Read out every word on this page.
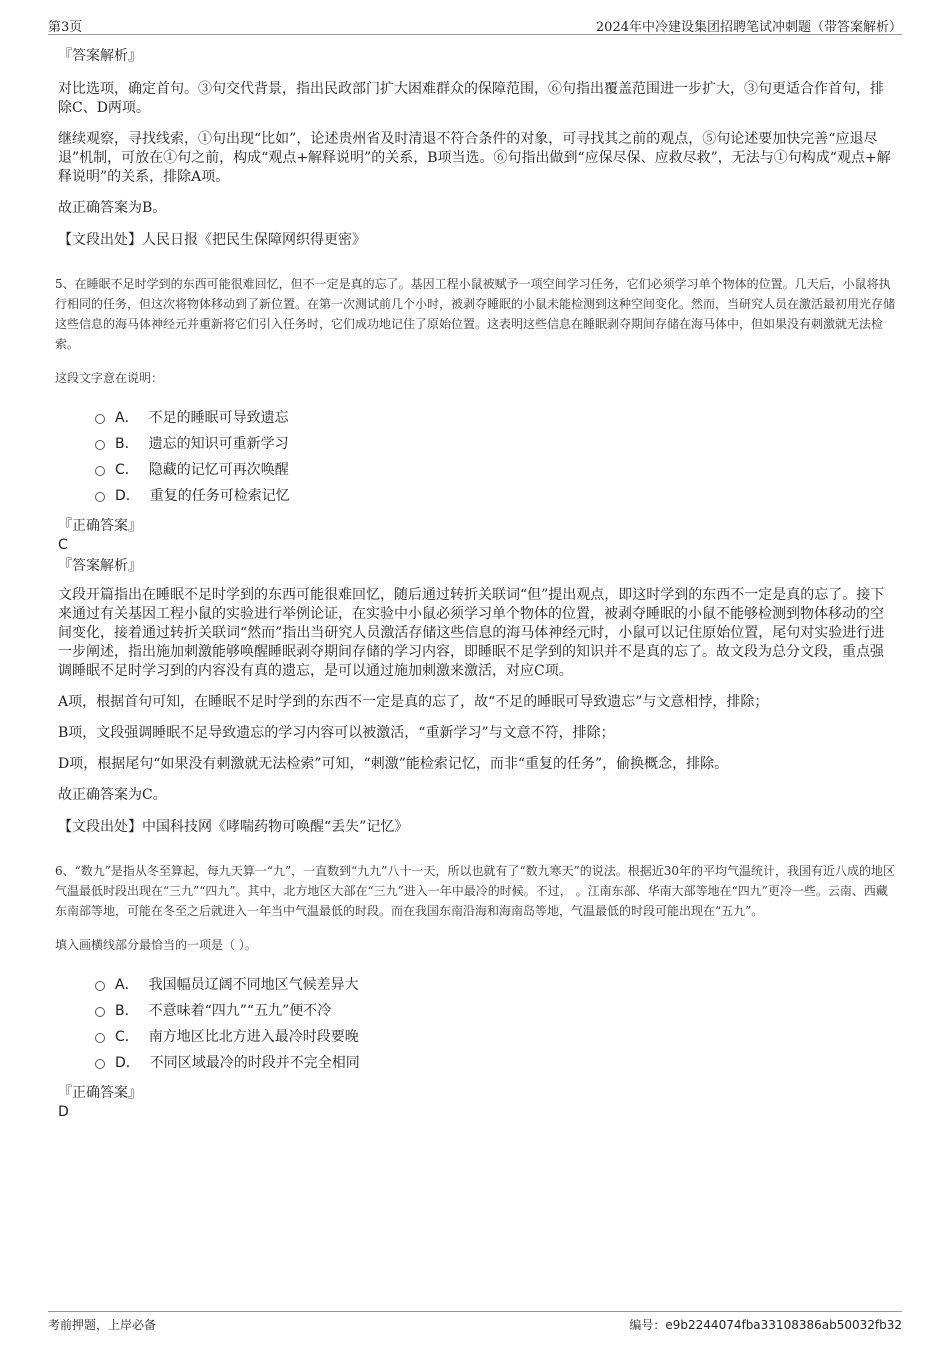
第3页	2024年中冷建设集团招聘笔试冲刺题（带答案解析）
『答案解析』
对比选项，确定首句。③句交代背景，指出民政部门扩大困难群众的保障范围，⑥句指出覆盖范围进一步扩大，③句更适合作首句，排除C、D两项。
继续观察，寻找线索，①句出现“比如”，论述贵州省及时清退不符合条件的对象，可寻找其之前的观点，⑤句论述要加快完善“应退尽退”机制，可放在①句之前，构成“观点+解释说明”的关系，B项当选。⑥句指出做到“应保尽保、应救尽救”，无法与①句构成“观点+解释说明”的关系，排除A项。
故正确答案为B。
【文段出处】人民日报《把民生保障网织得更密》
5、在睡眠不足时学到的东西可能很难回忆，但不一定是真的忘了。基因工程小鼠被赋予一项空间学习任务，它们必须学习单个物体的位置。几天后，小鼠将执行相同的任务，但这次将物体移动到了新位置。在第一次测试前几个小时，被剥夺睡眠的小鼠未能检测到这种空间变化。然而，当研究人员在激活最初用光存储这些信息的海马体神经元并重新将它们引入任务时，它们成功地记住了原始位置。这表明这些信息在睡眠剥夺期间存储在海马体中，但如果没有刺激就无法检索。
这段文字意在说明：
A． 不足的睡眠可导致遗忘
B． 遗忘的知识可重新学习
C． 隐藏的记忆可再次唤醒
D． 重复的任务可检索记忆
『正确答案』
C
『答案解析』
文段开篇指出在睡眠不足时学到的东西可能很难回忆，随后通过转折关联词“但”提出观点，即这时学到的东西不一定是真的忘了。接下来通过有关基因工程小鼠的实验进行举例论证，在实验中小鼠必须学习单个物体的位置，被剥夺睡眠的小鼠不能够检测到物体移动的空间变化，接着通过转折关联词“然而”指出当研究人员激活存储这些信息的海马体神经元时，小鼠可以记住原始位置，尾句对实验进行进一步阐述，指出施加刺激能够唤醒睡眠剥夺期间存储的学习内容，即睡眠不足学到的知识并不是真的忘了。故文段为总分文段，重点强调睡眠不足时学习到的内容没有真的遗忘，是可以通过施加刺激来激活，对应C项。
A项，根据首句可知，在睡眠不足时学到的东西不一定是真的忘了，故“不足的睡眠可导致遗忘”与文意相悖，排除；
B项，文段强调睡眠不足导致遗忘的学习内容可以被激活，“重新学习”与文意不符，排除；
D项，根据尾句“如果没有刺激就无法检索”可知，“刺激”能检索记忆，而非“重复的任务”，偷换概念，排除。
故正确答案为C。
【文段出处】中国科技网《哮喘药物可唤醒“丢失”记忆》
6、“数九”是指从冬至算起，每九天算一“九”，一直数到“九九”八十一天，所以也就有了“数九寒天”的说法。根据近30年的平均气温统计，我国有近八成的地区气温最低时段出现在“三九”“四九”。其中，北方地区大部在“三九”进入一年中最冷的时候。不过， 。江南东部、华南大部等地在“四九”更冷一些。云南、西藏东南部等地，可能在冬至之后就进入一年当中气温最低的时段。而在我国东南沿海和海南岛等地，气温最低的时段可能出现在“五九”。
填入画横线部分最恰当的一项是（ ）。
A． 我国幅员辽阔不同地区气候差异大
B． 不意味着“四九”“五九”便不冷
C． 南方地区比北方进入最冷时段要晚
D． 不同区域最冷的时段并不完全相同
『正确答案』
D
考前押题，上岸必备	编号：e9b2244074fba33108386ab50032fb32
